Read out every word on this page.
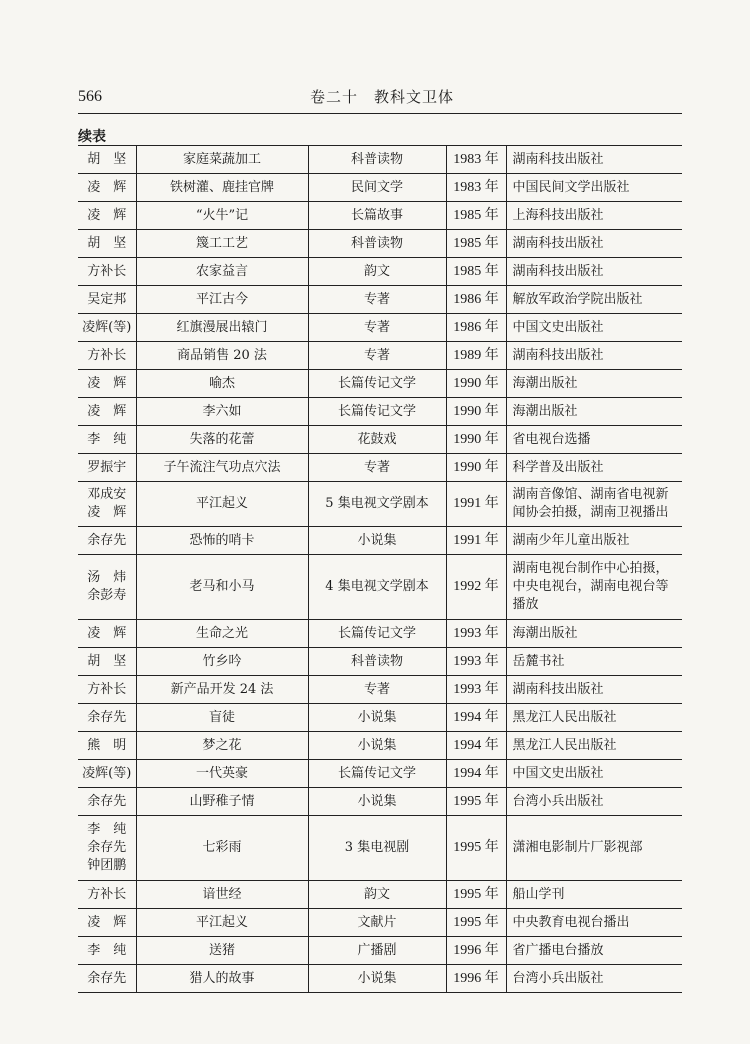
566	卷二十　教科文卫体
续表
胡　坚	家庭菜蔬加工	科普读物	1983 年	湖南科技出版社

凌　辉	铁树灌、鹿挂官牌	民间文学	1983 年	中国民间文学出版社

凌　辉	“火牛”记	长篇故事	1985 年	上海科技出版社

胡　坚	篾工工艺	科普读物	1985 年	湖南科技出版社

方补长	农家益言	韵文	1985 年	湖南科技出版社

吴定邦	平江古今	专著	1986 年	解放军政治学院出版社

凌辉(等)	红旗漫展出辕门	专著	1986 年	中国文史出版社

方补长	商品销售 20 法	专著	1989 年	湖南科技出版社

凌　辉	喻杰	长篇传记文学	1990 年	海潮出版社

凌　辉	李六如	长篇传记文学	1990 年	海潮出版社

李　纯	失落的花蕾	花鼓戏	1990 年	省电视台选播

罗振宇	子午流注气功点穴法	专著	1990 年	科学普及出版社

邓成安
凌　辉	平江起义	5 集电视文学剧本	1991 年	湖南音像馆、湖南省电视新闻协会拍摄，湖南卫视播出

余存先	恐怖的哨卡	小说集	1991 年	湖南少年儿童出版社

汤　炜
余彭寿	老马和小马	4 集电视文学剧本	1992 年	湖南电视台制作中心拍摄，中央电视台，湖南电视台等播放

凌　辉	生命之光	长篇传记文学	1993 年	海潮出版社

胡　坚	竹乡吟	科普读物	1993 年	岳麓书社

方补长	新产品开发 24 法	专著	1993 年	湖南科技出版社

余存先	盲徒	小说集	1994 年	黑龙江人民出版社

熊　明	梦之花	小说集	1994 年	黑龙江人民出版社

凌辉(等)	一代英豪	长篇传记文学	1994 年	中国文史出版社

余存先	山野稚子情	小说集	1995 年	台湾小兵出版社

李　纯
余存先
钟团鹏	七彩雨	3 集电视剧	1995 年	潇湘电影制片厂影视部

方补长	谙世经	韵文	1995 年	船山学刊

凌　辉	平江起义	文献片	1995 年	中央教育电视台播出

李　纯	送猪	广播剧	1996 年	省广播电台播放

余存先	猎人的故事	小说集	1996 年	台湾小兵出版社
